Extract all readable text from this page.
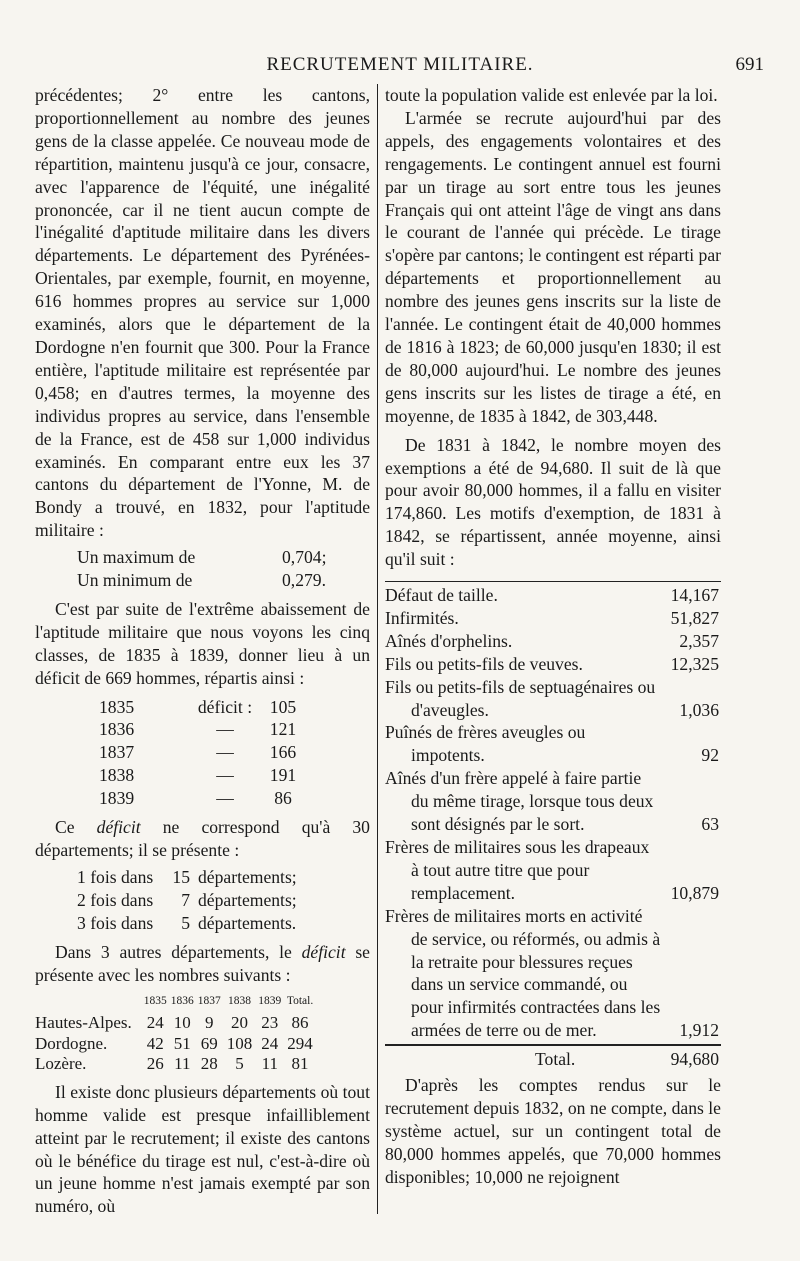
RECRUTEMENT MILITAIRE.	691

précédentes; 2° entre les cantons, proportionnellement au nombre des jeunes gens de la classe appelée. Ce nouveau mode de répartition, maintenu jusqu'à ce jour, consacre, avec l'apparence de l'équité, une inégalité prononcée, car il ne tient aucun compte de l'inégalité d'aptitude militaire dans les divers départements. Le département des Pyrénées-Orientales, par exemple, fournit, en moyenne, 616 hommes propres au service sur 1,000 examinés, alors que le département de la Dordogne n'en fournit que 300. Pour la France entière, l'aptitude militaire est représentée par 0,458; en d'autres termes, la moyenne des individus propres au service, dans l'ensemble de la France, est de 458 sur 1,000 individus examinés. En comparant entre eux les 37 cantons du département de l'Yonne, M. de Bondy a trouvé, en 1832, pour l'aptitude militaire :

Un maximum de	0,704;
Un minimum de	0,279.

C'est par suite de l'extrême abaissement de l'aptitude militaire que nous voyons les cinq classes, de 1835 à 1839, donner lieu à un déficit de 669 hommes, répartis ainsi :

1835	déficit :	105
1836	—	121
1837	—	166
1838	—	191
1839	—	86

Ce déficit ne correspond qu'à 30 départements; il se présente :

1 fois dans	15 départements;
2 fois dans	7 départements;
3 fois dans	5 départements.

Dans 3 autres départements, le déficit se présente avec les nombres suivants :

	1835	1836	1837	1838	1839	Total.
Hautes-Alpes.	24	10	9	20	23	86
Dordogne.	42	51	69	108	24	294
Lozère.	26	11	28	5	11	81

Il existe donc plusieurs départements où tout homme valide est presque infailliblement atteint par le recrutement; il existe des cantons où le bénéfice du tirage est nul, c'est-à-dire où un jeune homme n'est jamais exempté par son numéro, où

toute la population valide est enlevée par la loi.

L'armée se recrute aujourd'hui par des appels, des engagements volontaires et des rengagements. Le contingent annuel est fourni par un tirage au sort entre tous les jeunes Français qui ont atteint l'âge de vingt ans dans le courant de l'année qui précède. Le tirage s'opère par cantons; le contingent est réparti par départements et proportionnellement au nombre des jeunes gens inscrits sur la liste de l'année. Le contingent était de 40,000 hommes de 1816 à 1823; de 60,000 jusqu'en 1830; il est de 80,000 aujourd'hui. Le nombre des jeunes gens inscrits sur les listes de tirage a été, en moyenne, de 1835 à 1842, de 303,448.

De 1831 à 1842, le nombre moyen des exemptions a été de 94,680. Il suit de là que pour avoir 80,000 hommes, il a fallu en visiter 174,860. Les motifs d'exemption, de 1831 à 1842, se répartissent, année moyenne, ainsi qu'il suit :

Défaut de taille.	14,167
Infirmités.	51,827
Aînés d'orphelins.	2,357
Fils ou petits-fils de veuves.	12,325
Fils ou petits-fils de septuagénaires ou d'aveugles.	1,036
Puînés de frères aveugles ou impotents.	92
Aînés d'un frère appelé à faire partie du même tirage, lorsque tous deux sont désignés par le sort.	63
Frères de militaires sous les drapeaux à tout autre titre que pour remplacement.	10,879
Frères de militaires morts en activité de service, ou réformés, ou admis à la retraite pour blessures reçues dans un service commandé, ou pour infirmités contractées dans les armées de terre ou de mer.	1,912
Total.	94,680

D'après les comptes rendus sur le recrutement depuis 1832, on ne compte, dans le système actuel, sur un contingent total de 80,000 hommes appelés, que 70,000 hommes disponibles; 10,000 ne rejoignent
